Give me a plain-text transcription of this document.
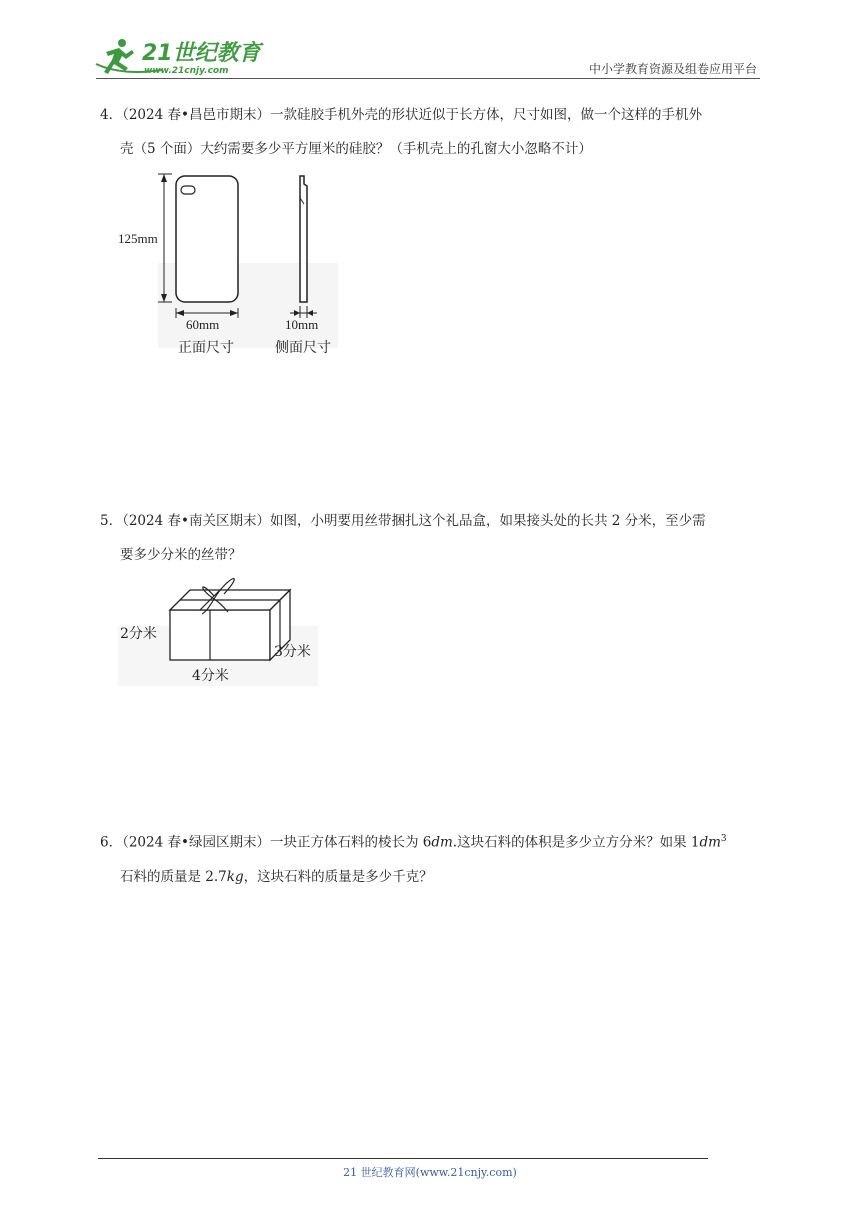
21世纪教育
www.21cnjy.com	中小学教育资源及组卷应用平台

4．（2024 春•昌邑市期末）一款硅胶手机外壳的形状近似于长方体，尺寸如图，做一个这样的手机外

壳（5 个面）大约需要多少平方厘米的硅胶？（手机壳上的孔窗大小忽略不计）

125mm
60mm
正面尺寸
10mm
侧面尺寸

5．（2024 春•南关区期末）如图，小明要用丝带捆扎这个礼品盒，如果接头处的长共 2 分米，至少需

要多少分米的丝带？

2分米
3分米
4分米

6．（2024 春•绿园区期末）一块正方体石料的棱长为 6dm.这块石料的体积是多少立方分米？如果 $1dm^3$

石料的质量是 2.7kg，这块石料的质量是多少千克？

21 世纪教育网(www.21cnjy.com)
